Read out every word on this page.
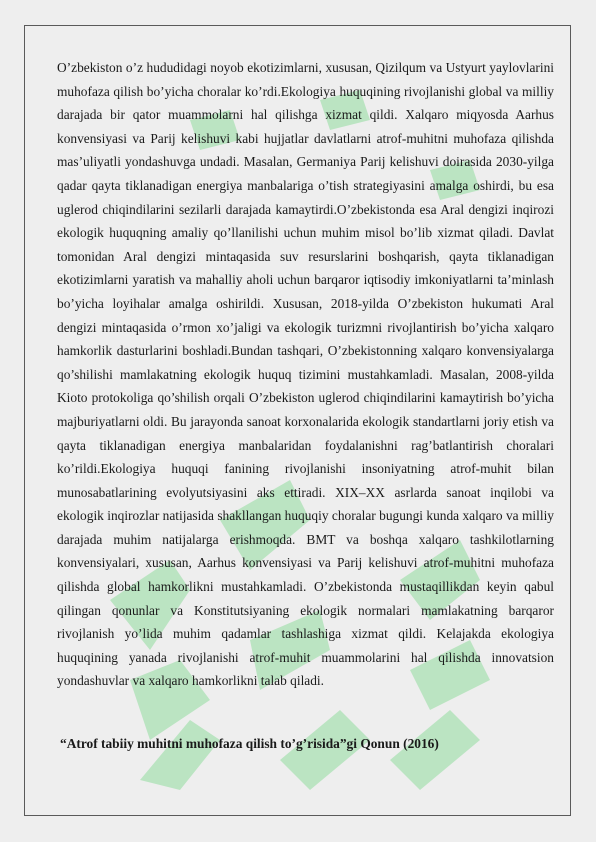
O’zbekiston o’z hududidagi noyob ekotizimlarni, xususan, Qizilqum va Ustyurt yaylovlarini muhofaza qilish bo’yicha choralar ko’rdi.Ekologiya huquqining rivojlanishi global va milliy darajada bir qator muammolarni hal qilishga xizmat qildi. Xalqaro miqyosda Aarhus konvensiyasi va Parij kelishuvi kabi hujjatlar davlatlarni atrof-muhitni muhofaza qilishda mas’uliyatli yondashuvga undadi. Masalan, Germaniya Parij kelishuvi doirasida 2030-yilga qadar qayta tiklanadigan energiya manbalariga o’tish strategiyasini amalga oshirdi, bu esa uglerod chiqindilarini sezilarli darajada kamaytirdi.O’zbekistonda esa Aral dengizi inqirozi ekologik huquqning amaliy qo’llanilishi uchun muhim misol bo’lib xizmat qiladi. Davlat tomonidan Aral dengizi mintaqasida suv resurslarini boshqarish, qayta tiklanadigan ekotizimlarni yaratish va mahalliy aholi uchun barqaror iqtisodiy imkoniyatlarni ta’minlash bo’yicha loyihalar amalga oshirildi. Xususan, 2018-yilda O’zbekiston hukumati Aral dengizi mintaqasida o’rmon xo’jaligi va ekologik turizmni rivojlantirish bo’yicha xalqaro hamkorlik dasturlarini boshladi.Bundan tashqari, O’zbekistonning xalqaro konvensiyalarga qo’shilishi mamlakatning ekologik huquq tizimini mustahkamladi. Masalan, 2008-yilda Kioto protokoliga qo’shilish orqali O’zbekiston uglerod chiqindilarini kamaytirish bo’yicha majburiyatlarni oldi. Bu jarayonda sanoat korxonalarida ekologik standartlarni joriy etish va qayta tiklanadigan energiya manbalaridan foydalanishni rag’batlantirish choralari ko’rildi.Ekologiya huquqi fanining rivojlanishi insoniyatning atrof-muhit bilan munosabatlarining evolyutsiyasini aks ettiradi. XIX–XX asrlarda sanoat inqilobi va ekologik inqirozlar natijasida shakllangan huquqiy choralar bugungi kunda xalqaro va milliy darajada muhim natijalarga erishmoqda. BMT va boshqa xalqaro tashkilotlarning konvensiyalari, xususan, Aarhus konvensiyasi va Parij kelishuvi atrof-muhitni muhofaza qilishda global hamkorlikni mustahkamladi. O’zbekistonda mustaqillikdan keyin qabul qilingan qonunlar va Konstitutsiyaning ekologik normalari mamlakatning barqaror rivojlanish yo’lida muhim qadamlar tashlashiga xizmat qildi. Kelajakda ekologiya huquqining yanada rivojlanishi atrof-muhit muammolarini hal qilishda innovatsion yondashuvlar va xalqaro hamkorlikni talab qiladi.

“Atrof tabiiy muhitni muhofaza qilish to’g’risida”gi Qonun (2016)
